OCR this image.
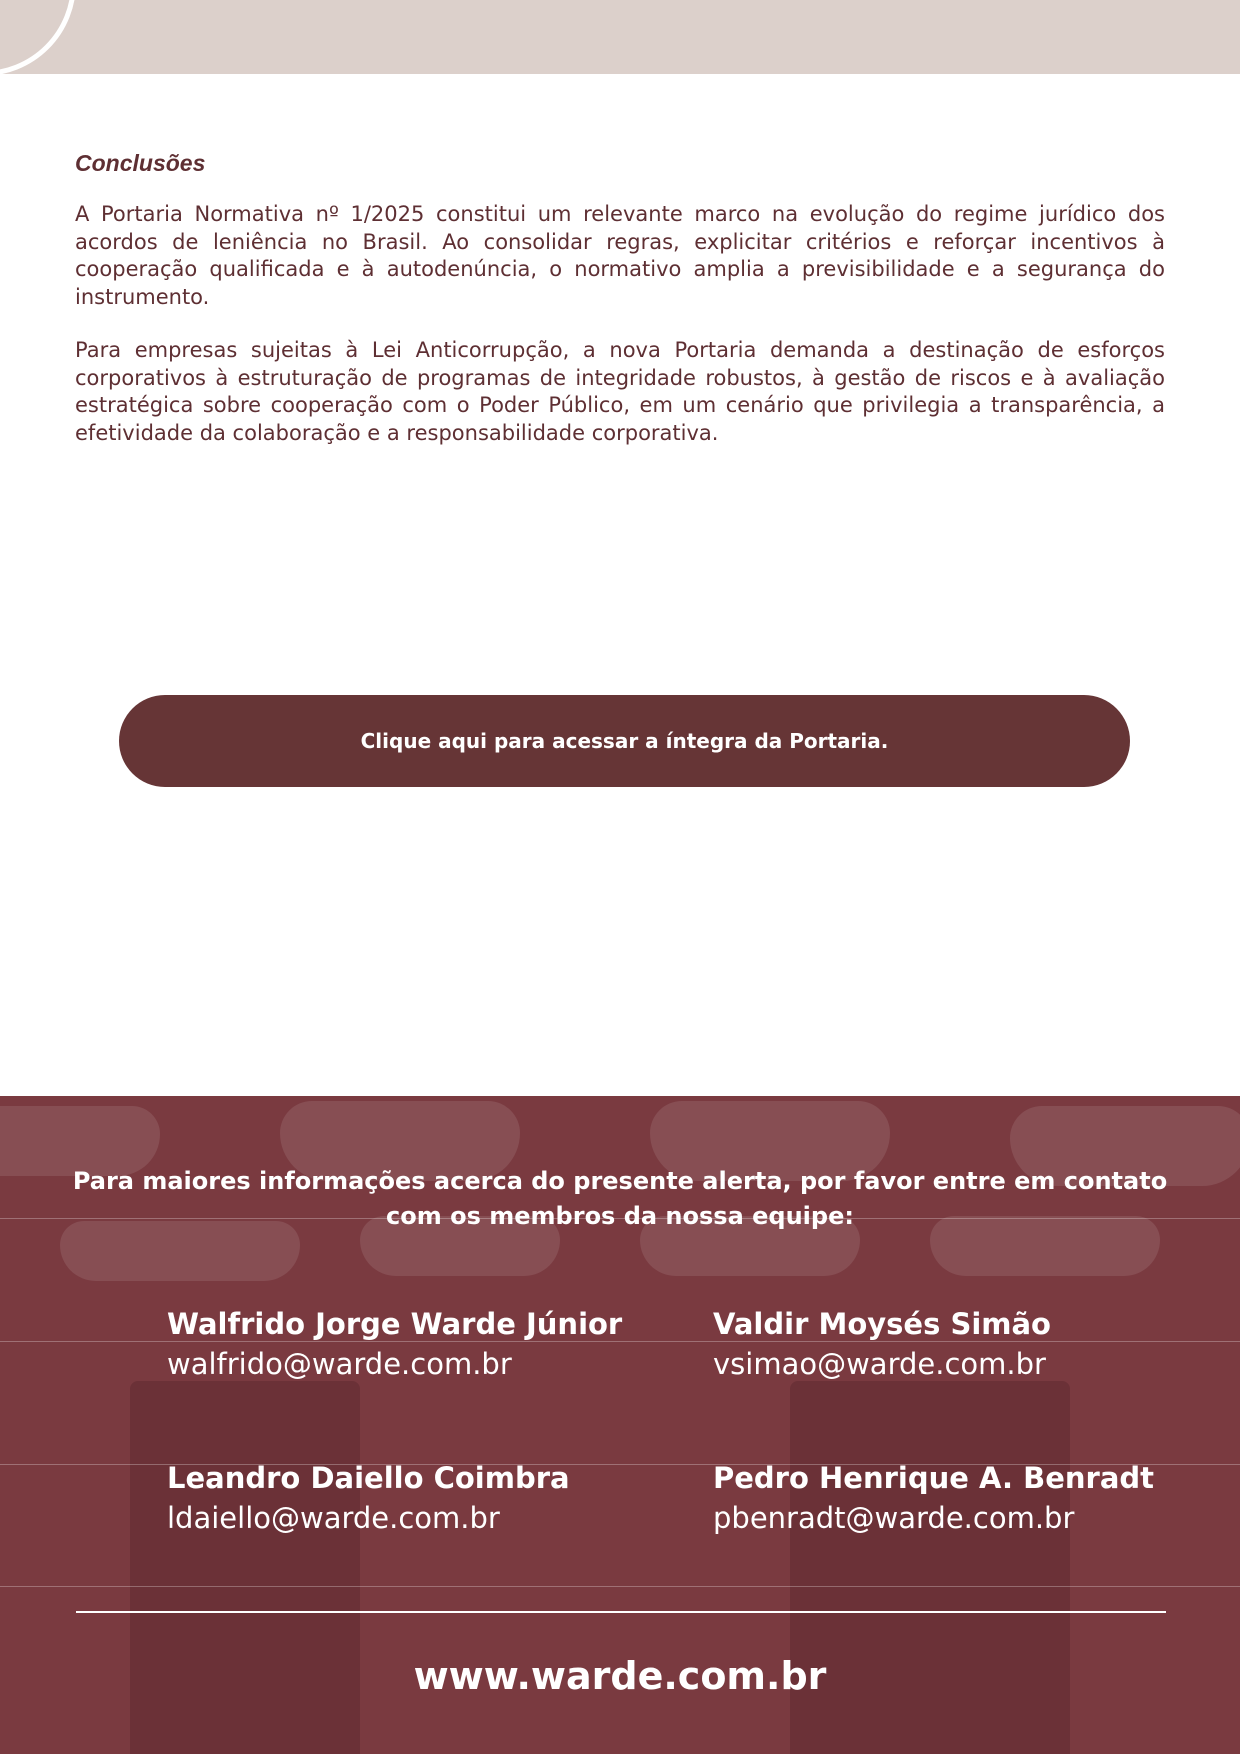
Conclusões

A Portaria Normativa nº 1/2025 constitui um relevante marco na evolução do regime jurídico dos acordos de leniência no Brasil. Ao consolidar regras, explicitar critérios e reforçar incentivos à cooperação qualificada e à autodenúncia, o normativo amplia a previsibilidade e a segurança do instrumento.

Para empresas sujeitas à Lei Anticorrupção, a nova Portaria demanda a destinação de esforços corporativos à estruturação de programas de integridade robustos, à gestão de riscos e à avaliação estratégica sobre cooperação com o Poder Público, em um cenário que privilegia a transparência, a efetividade da colaboração e a responsabilidade corporativa.

Clique aqui para acessar a íntegra da Portaria.
Para maiores informações acerca do presente alerta, por favor entre em contato com os membros da nossa equipe:
Walfrido Jorge Warde Júnior
walfrido@warde.com.br
Valdir Moysés Simão
vsimao@warde.com.br
Leandro Daiello Coimbra
ldaiello@warde.com.br
Pedro Henrique A. Benradt
pbenradt@warde.com.br
www.warde.com.br
